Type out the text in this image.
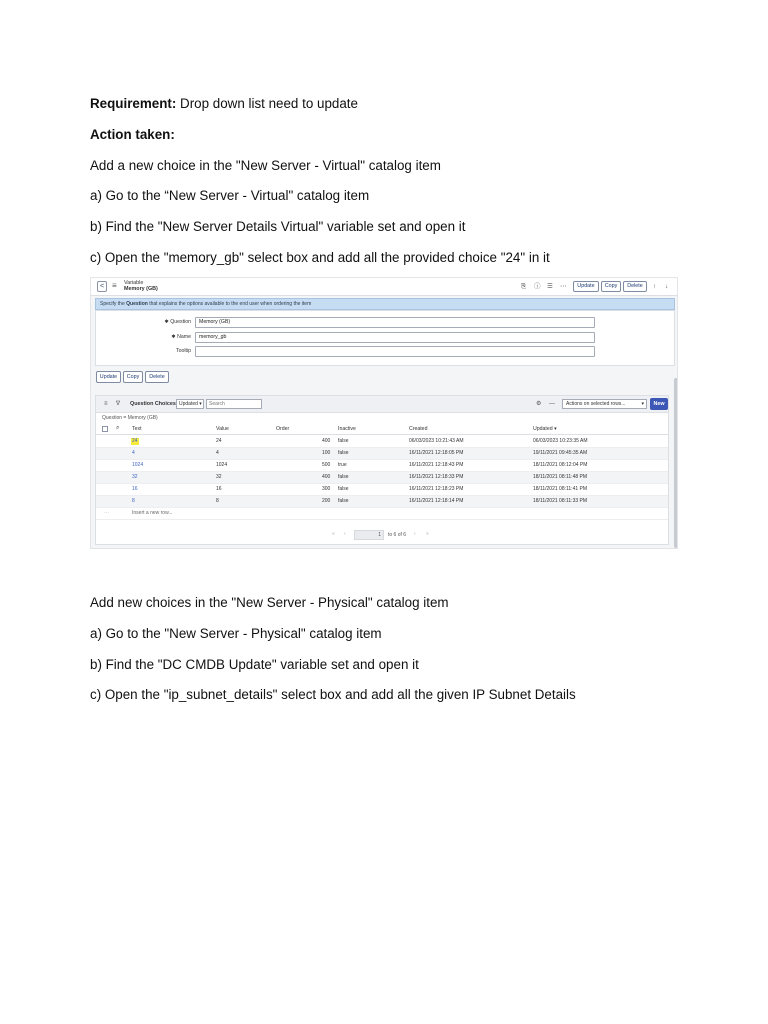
Requirement: Drop down list need to update
Action taken:
Add a new choice in the "New Server - Virtual" catalog item
a) Go to the “New Server - Virtual" catalog item
b) Find the "New Server Details Virtual" variable set and open it
c) Open the "memory_gb" select box and add all the provided choice "24" in it
< ≡ Variable
Memory (GB)	⎘ ⓘ ☰ ⋯	Update	Copy	Delete	↑ ↓
Specify the Question that explains the options available to the end user when ordering the item
✱ Question	Memory (GB)
✱ Name	memory_gb
Tooltip
Update	Copy	Delete
≡ ∇ Question Choices Updated ▾	Search	⚙ —	Actions on selected rows...	▾	New
Question = Memory (GB)
⌕ Text	Value	Order	Inactive	Created	Updated ▾
24	24	400 false	06/03/2023 10:21:43 AM	06/03/2023 10:23:35 AM
4	4	100 false	16/11/2021 12:18:05 PM	19/11/2021 09:45:35 AM
1024	1024	500 true	16/11/2021 12:18:43 PM	18/11/2021 08:12:04 PM
32	32	400 false	16/11/2021 12:18:33 PM	18/11/2021 08:11:48 PM
16	16	300 false	16/11/2021 12:18:23 PM	18/11/2021 08:11:41 PM
8	8	200 false	16/11/2021 12:18:14 PM	18/11/2021 08:11:33 PM
⋯	Insert a new row...
« ‹	1	to 6 of 6 › »
Add new choices in the "New Server - Physical" catalog item
a) Go to the "New Server - Physical" catalog item
b) Find the "DC CMDB Update" variable set and open it
c) Open the "ip_subnet_details" select box and add all the given IP Subnet Details
